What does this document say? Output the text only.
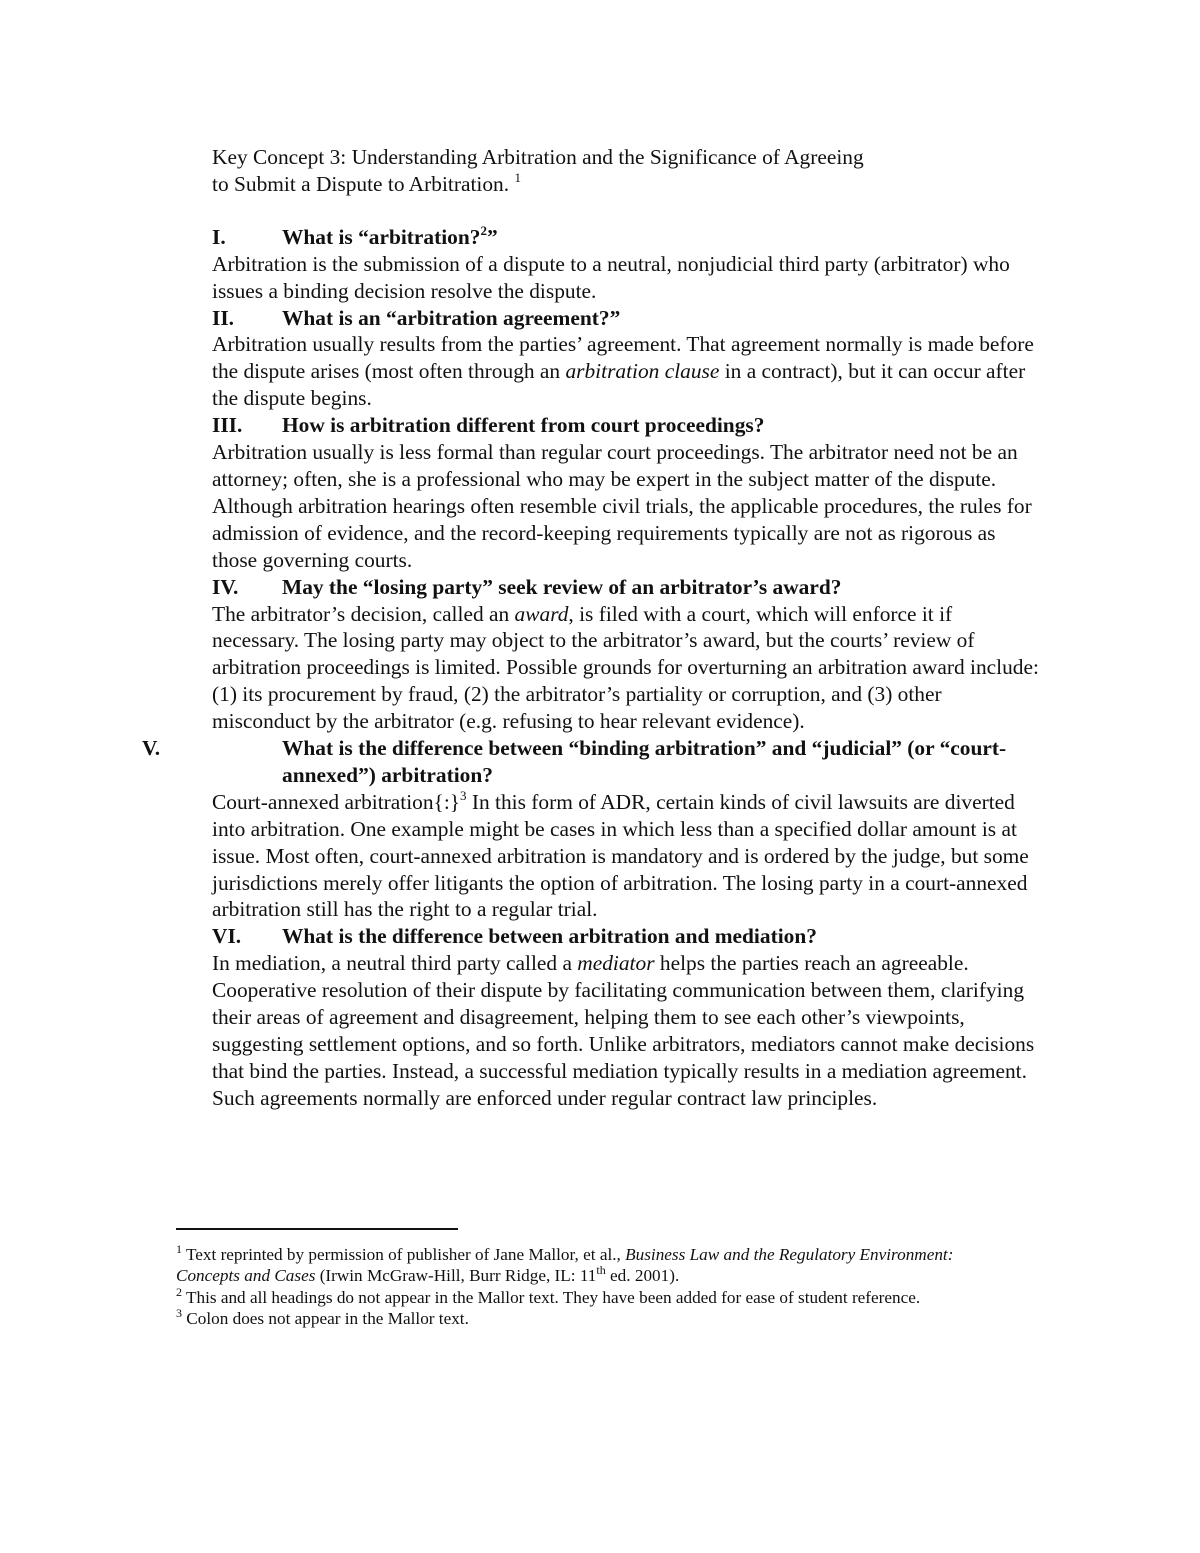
Key Concept 3: Understanding Arbitration and the Significance of Agreeing
to Submit a Dispute to Arbitration. $^1$

I.	What is “arbitration?$^2$”

Arbitration is the submission of a dispute to a neutral, nonjudicial third party (arbitrator) who issues a binding decision resolve the dispute.

II. What is an “arbitration agreement?”

Arbitration usually results from the parties’ agreement. That agreement normally is made before the dispute arises (most often through an arbitration clause in a contract), but it can occur after the dispute begins.

III. How is arbitration different from court proceedings?

Arbitration usually is less formal than regular court proceedings. The arbitrator need not be an attorney; often, she is a professional who may be expert in the subject matter of the dispute. Although arbitration hearings often resemble civil trials, the applicable procedures, the rules for admission of evidence, and the record-keeping requirements typically are not as rigorous as those governing courts.

IV. May the “losing party” seek review of an arbitrator’s award?

The arbitrator’s decision, called an award, is filed with a court, which will enforce it if necessary. The losing party may object to the arbitrator’s award, but the courts’ review of arbitration proceedings is limited. Possible grounds for overturning an arbitration award include: (1) its procurement by fraud, (2) the arbitrator’s partiality or corruption, and (3) other misconduct by the arbitrator (e.g. refusing to hear relevant evidence).

V.	What is the difference between “binding arbitration” and “judicial” (or “court-annexed”) arbitration?

Court-annexed arbitration{:}$^3$ In this form of ADR, certain kinds of civil lawsuits are diverted into arbitration. One example might be cases in which less than a specified dollar amount is at issue. Most often, court-annexed arbitration is mandatory and is ordered by the judge, but some jurisdictions merely offer litigants the option of arbitration. The losing party in a court-annexed arbitration still has the right to a regular trial.

VI. What is the difference between arbitration and mediation?

In mediation, a neutral third party called a mediator helps the parties reach an agreeable. Cooperative resolution of their dispute by facilitating communication between them, clarifying their areas of agreement and disagreement, helping them to see each other’s viewpoints, suggesting settlement options, and so forth. Unlike arbitrators, mediators cannot make decisions that bind the parties. Instead, a successful mediation typically results in a mediation agreement. Such agreements normally are enforced under regular contract law principles.

$^1$ Text reprinted by permission of publisher of Jane Mallor, et al., Business Law and the Regulatory Environment: Concepts and Cases (Irwin McGraw-Hill, Burr Ridge, IL: 11th ed. 2001).

$^2$ This and all headings do not appear in the Mallor text. They have been added for ease of student reference.

$^3$ Colon does not appear in the Mallor text.
